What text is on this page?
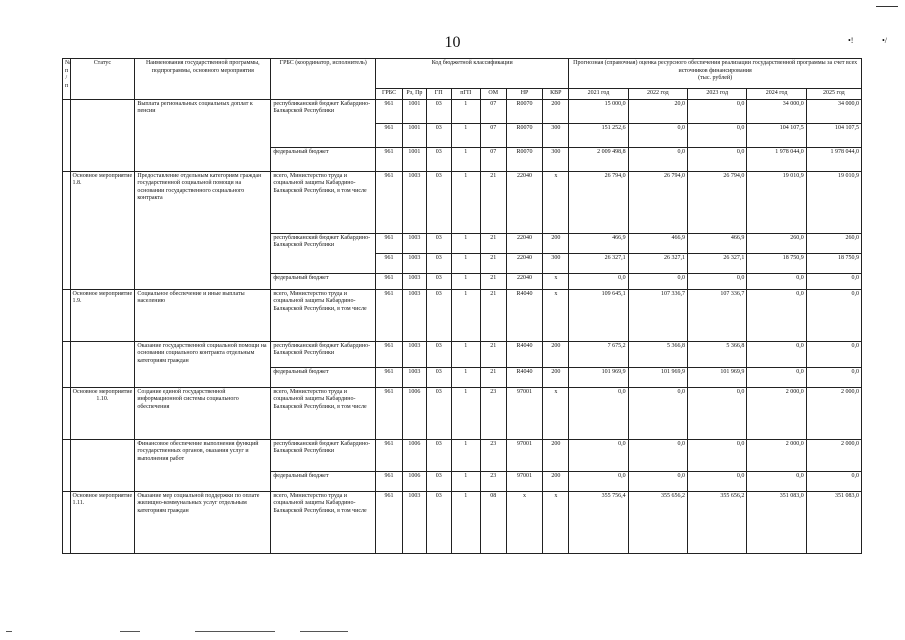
10	•!	•/
№
п/п	Статус	Наименования государственной программы, подпрограммы, основного мероприятия	ГРБС (координатор, исполнитель)	Код бюджетной классификации							Прогнозная (справочная) оценка ресурсного обеспечения реализации государственной программы за счет всех источников финансирования
(тыс. рублей)				
				ГРБС	Рз, Пр	ГП	пГП	ОМ	НР	КВР	2021 год	2022 год	2023 год	2024 год	2025 год
		Выплата региональных социальных доплат к пенсии	республиканский бюджет Кабардино-Балкарской Республики	961	1001	03	1	07	R0070	200	15 000,0	20,0	0,0	34 000,0	34 000,0
				961	1001	03	1	07	R0070	300	151 252,6	0,0	0,0	104 107,5	104 107,5
			федеральный бюджет	961	1001	03	1	07	R0070	300	2 009 498,8	0,0	0,0	1 978 044,0	1 978 044,0
	Основное мероприятие 1.8.	Предоставление отдельным категориям граждан государственной социальной помощи на основании государственного социального контракта	всего, Министерство труда и социальной защиты Кабардино-Балкарской Республики, в том числе	961	1003	03	1	21	22040	х	26 794,0	26 794,0	26 794,0	19 010,9	19 010,9
			республиканский бюджет Кабардино-Балкарской Республики	961	1003	03	1	21	22040	200	466,9	466,9	466,9	260,0	260,0
				961	1003	03	1	21	22040	300	26 327,1	26 327,1	26 327,1	18 750,9	18 750,9
			федеральный бюджет	961	1003	03	1	21	22040	х	0,0	0,0	0,0	0,0	0,0
	Основное мероприятие 1.9.	Социальное обеспечение и иные выплаты населению	всего, Министерство труда и социальной защиты Кабардино-Балкарской Республики, в том числе	961	1003	03	1	21	R4040	х	109 645,1	107 336,7	107 336,7	0,0	0,0
		Оказание государственной социальной помощи на основании социального контракта отдельным категориям граждан	республиканский бюджет Кабардино-Балкарской Республики	961	1003	03	1	21	R4040	200	7 675,2	5 366,8	5 366,8	0,0	0,0
			федеральный бюджет	961	1003	03	1	21	R4040	200	101 969,9	101 969,9	101 969,9	0,0	0,0
	Основное мероприятие 1.10.	Создание единой государственной информационной системы социального обеспечения	всего, Министерство труда и социальной защиты Кабардино-Балкарской Республики, в том числе	961	1006	03	1	23	97001	х	0,0	0,0	0,0	2 000,0	2 000,0
		Финансовое обеспечение выполнения функций государственных органов, оказания услуг и выполнения работ	республиканский бюджет Кабардино-Балкарской Республики	961	1006	03	1	23	97001	200	0,0	0,0	0,0	2 000,0	2 000,0
			федеральный бюджет	961	1006	03	1	23	97001	200	0,0	0,0	0,0	0,0	0,0
	Основное мероприятие 1.11.	Оказание мер социальной поддержки по оплате жилищно-коммунальных услуг отдельным категориям граждан	всего, Министерство труда и социальной защиты Кабардино-Балкарской Республики, в том числе	961	1003	03	1	08	х	х	355 756,4	355 656,2	355 656,2	351 083,0	351 083,0
